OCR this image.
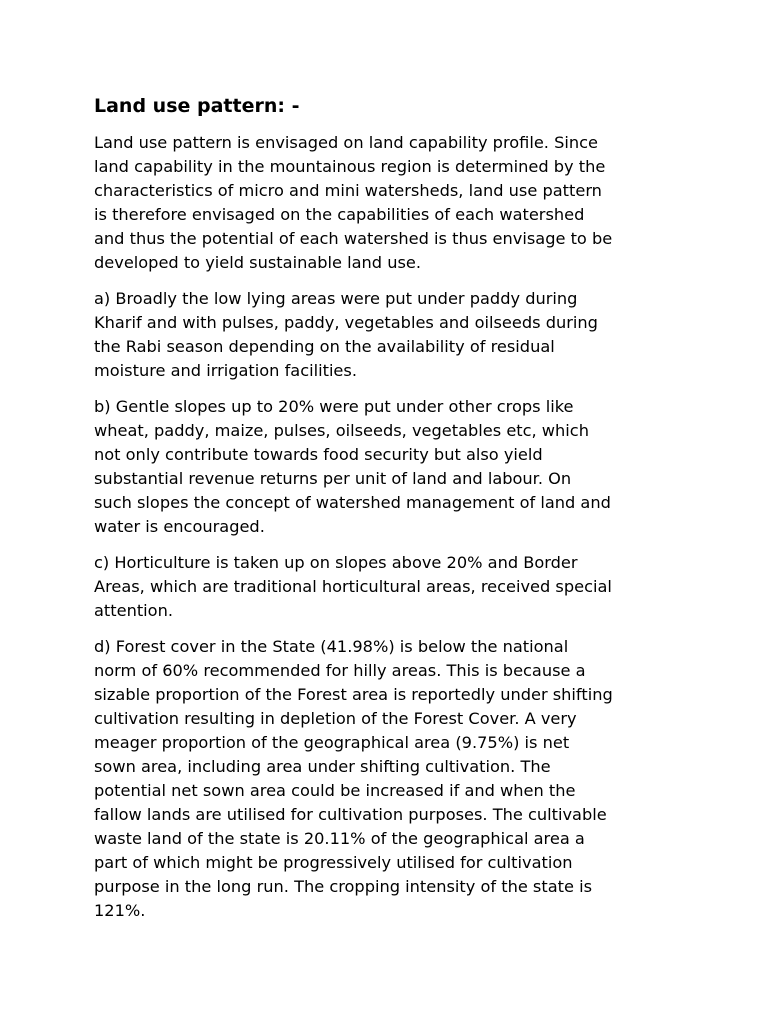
Land use pattern: -

Land use pattern is envisaged on land capability profile. Since
land capability in the mountainous region is determined by the
characteristics of micro and mini watersheds, land use pattern
is therefore envisaged on the capabilities of each watershed
and thus the potential of each watershed is thus envisage to be
developed to yield sustainable land use.

a) Broadly the low lying areas were put under paddy during
Kharif and with pulses, paddy, vegetables and oilseeds during
the Rabi season depending on the availability of residual
moisture and irrigation facilities.

b) Gentle slopes up to 20% were put under other crops like
wheat, paddy, maize, pulses, oilseeds, vegetables etc, which
not only contribute towards food security but also yield
substantial revenue returns per unit of land and labour. On
such slopes the concept of watershed management of land and
water is encouraged.

c) Horticulture is taken up on slopes above 20% and Border
Areas, which are traditional horticultural areas, received special
attention.

d) Forest cover in the State (41.98%) is below the national
norm of 60% recommended for hilly areas. This is because a
sizable proportion of the Forest area is reportedly under shifting
cultivation resulting in depletion of the Forest Cover. A very
meager proportion of the geographical area (9.75%) is net
sown area, including area under shifting cultivation. The
potential net sown area could be increased if and when the
fallow lands are utilised for cultivation purposes. The cultivable
waste land of the state is 20.11% of the geographical area a
part of which might be progressively utilised for cultivation
purpose in the long run. The cropping intensity of the state is
121%.
